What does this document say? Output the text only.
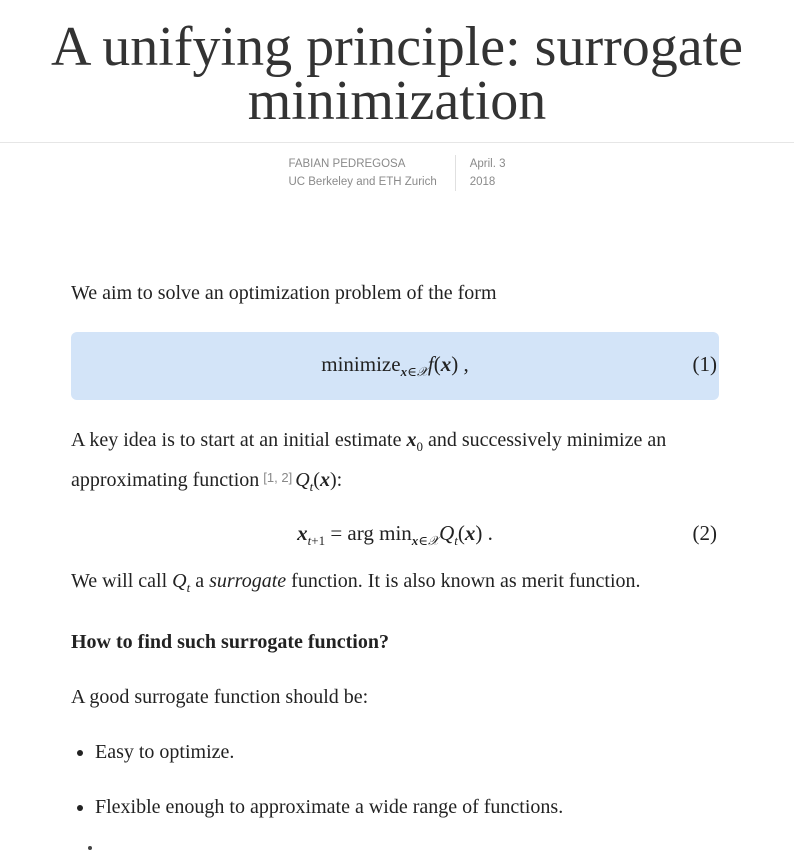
A unifying principle: surrogate minimization
FABIAN PEDREGOSA
UC Berkeley and ETH Zurich
April. 3
2018

We aim to solve an optimization problem of the form

minimize$_{x\in 𝒳}$f(x) ,	(1)

A key idea is to start at an initial estimate $x_0$ and successively minimize an approximating function [1, 2] $Q_t(x)$:

$x_{t+1}$ = arg $\min_{x\in 𝒳}Q_t(x)$ .	(2)

We will call $Q_t$ a surrogate function. It is also known as merit function.

How to find such surrogate function?

A good surrogate function should be:

• Easy to optimize.
• Flexible enough to approximate a wide range of functions.
